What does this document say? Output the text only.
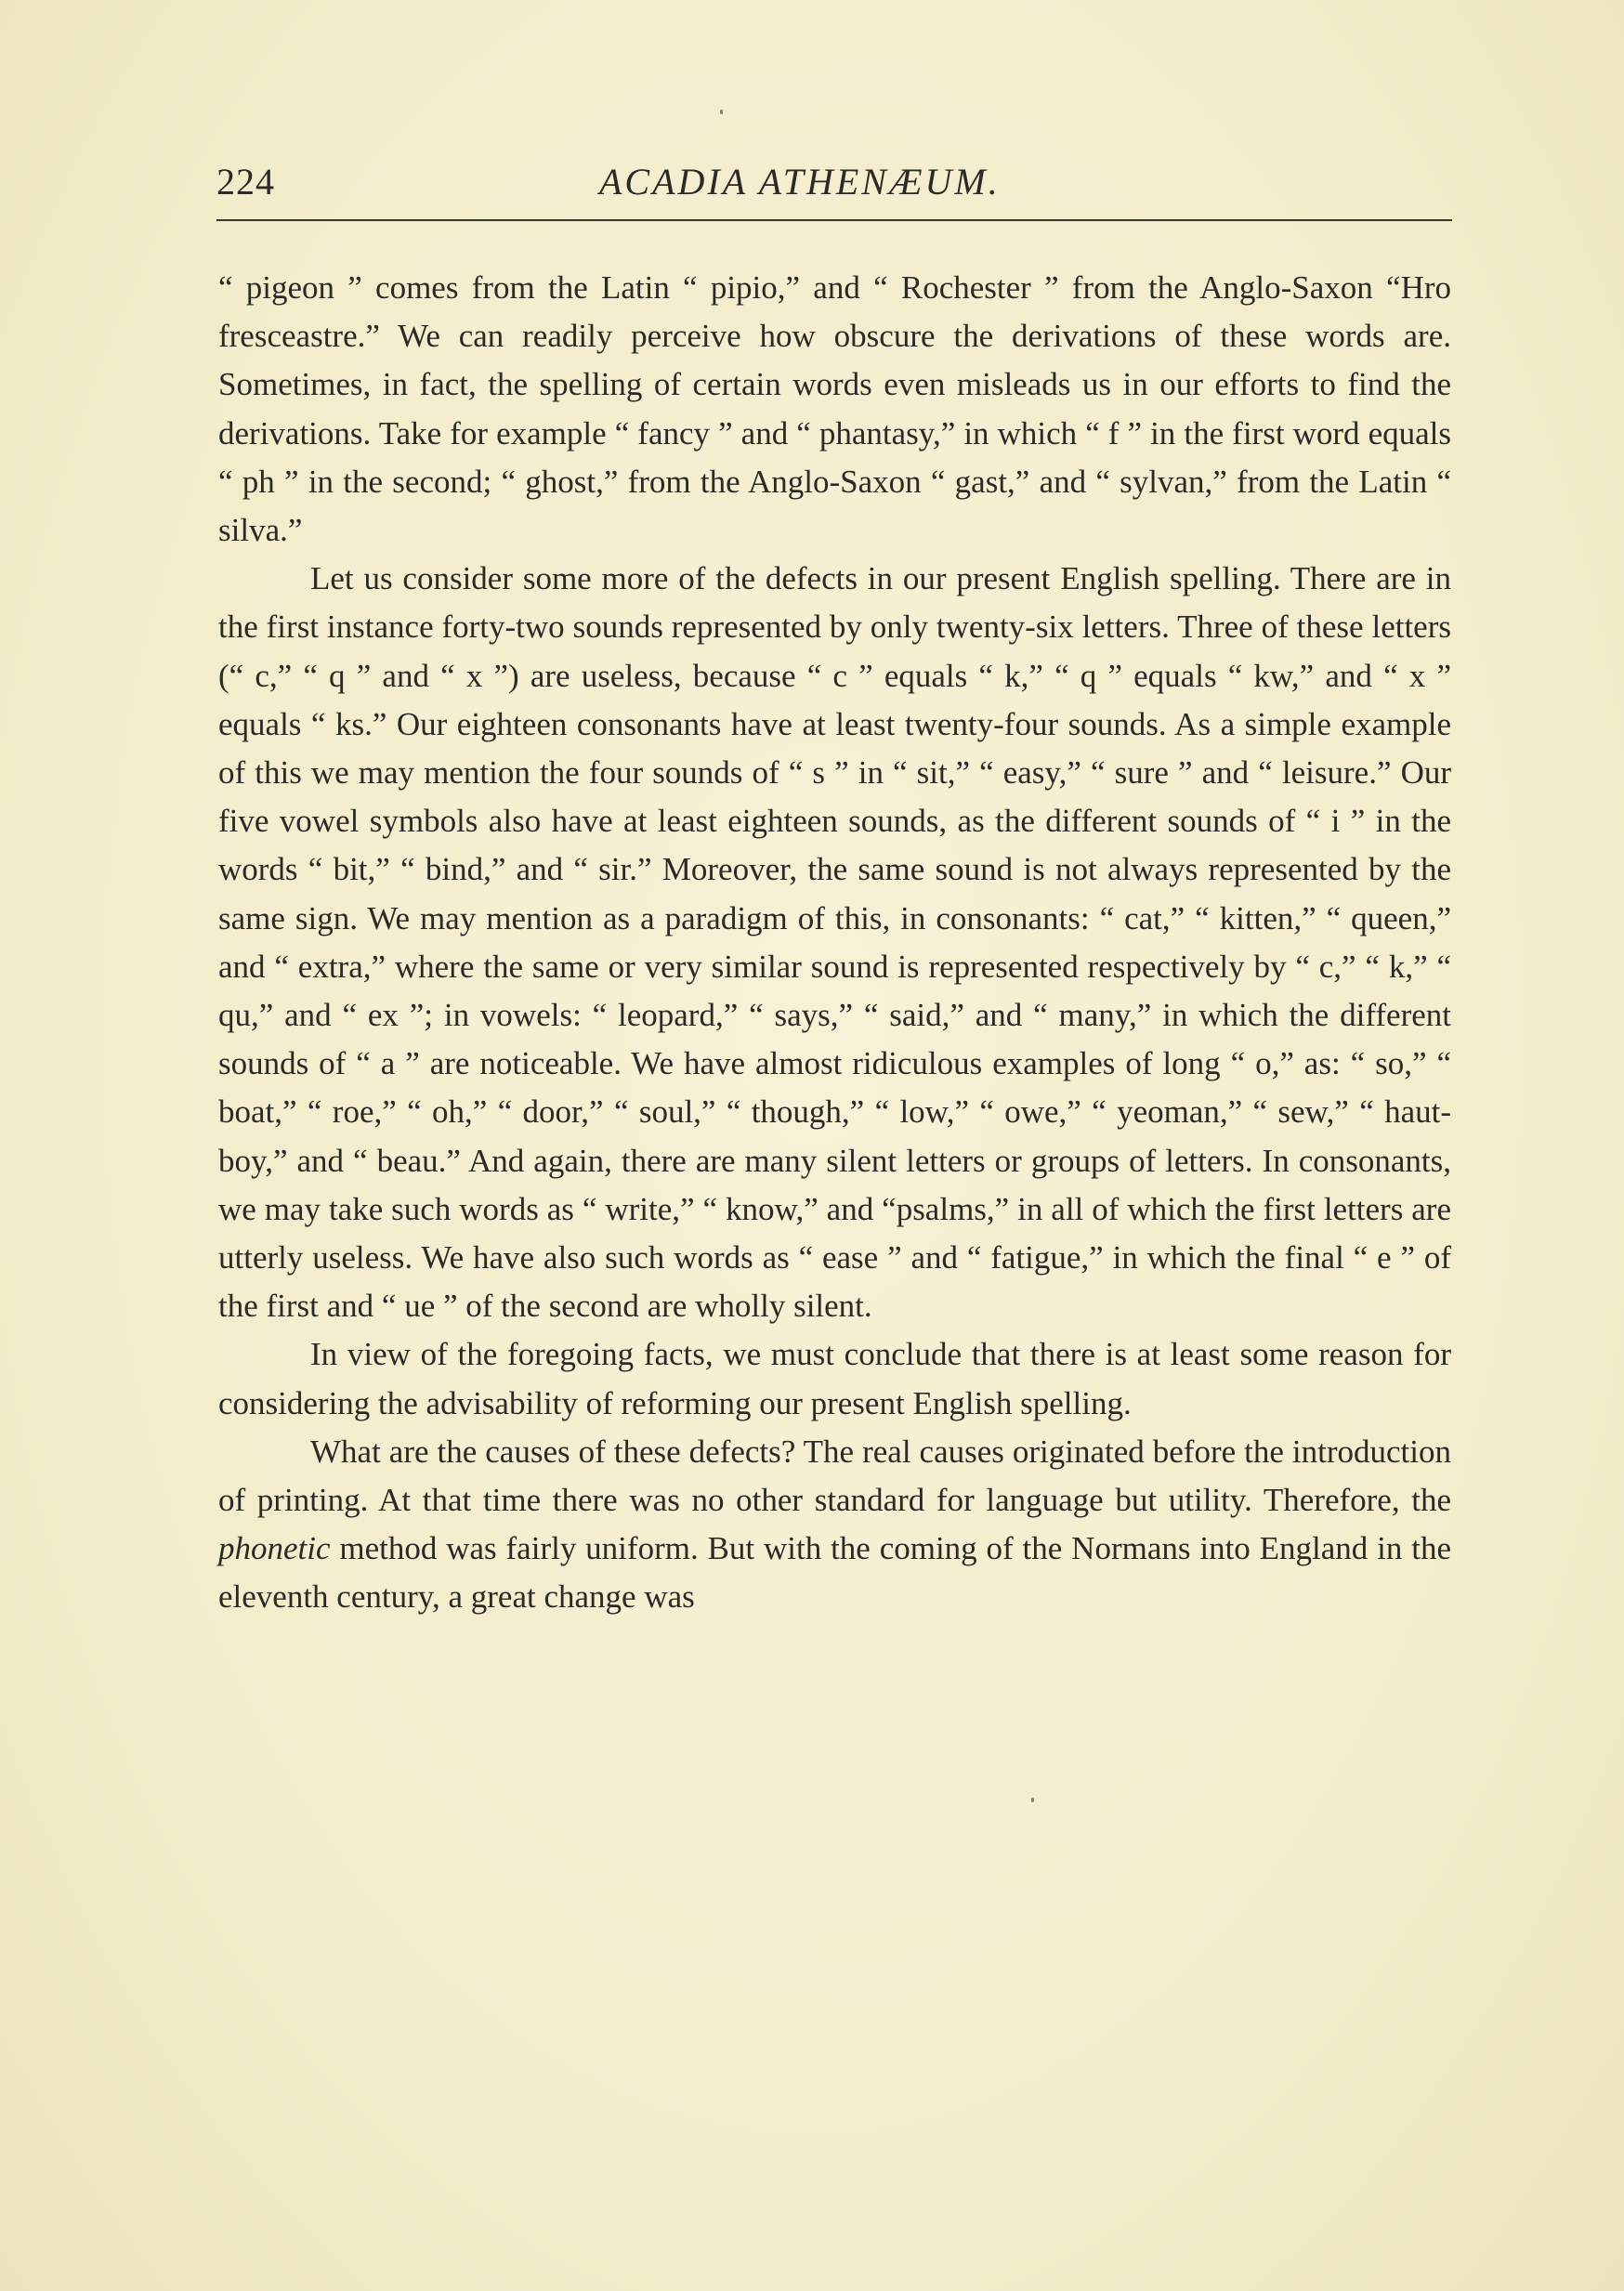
224	ACADIA ATHENÆUM.

“ pigeon ” comes from the Latin “ pipio,” and “ Rochester ” from the Anglo-Saxon “Hro fresceastre.” We can readily perceive how obscure the derivations of these words are. Sometimes, in fact, the spelling of certain words even misleads us in our efforts to find the derivations. Take for example “ fancy ” and “ phantasy,” in which “ f ” in the first word equals “ ph ” in the second; “ ghost,” from the Anglo-Saxon “ gast,” and “ sylvan,” from the Latin “ silva.”

Let us consider some more of the defects in our present English spelling. There are in the first instance forty-two sounds represented by only twenty-six letters. Three of these letters (“ c,” “ q ” and “ x ”) are useless, because “ c ” equals “ k,” “ q ” equals “ kw,” and “ x ” equals “ ks.” Our eighteen consonants have at least twenty-four sounds. As a simple example of this we may mention the four sounds of “ s ” in “ sit,” “ easy,” “ sure ” and “ leisure.” Our five vowel symbols also have at least eighteen sounds, as the different sounds of “ i ” in the words “ bit,” “ bind,” and “ sir.” Moreover, the same sound is not always represented by the same sign. We may mention as a paradigm of this, in consonants: “ cat,” “ kitten,” “ queen,” and “ extra,” where the same or very similar sound is represented respectively by “ c,” “ k,” “ qu,” and “ ex ”; in vowels: “ leopard,” “ says,” “ said,” and “ many,” in which the different sounds of “ a ” are noticeable. We have almost ridiculous examples of long “ o,” as: “ so,” “ boat,” “ roe,” “ oh,” “ door,” “ soul,” “ though,” “ low,” “ owe,” “ yeoman,” “ sew,” “ haut-boy,” and “ beau.” And again, there are many silent letters or groups of letters. In consonants, we may take such words as “ write,” “ know,” and “psalms,” in all of which the first letters are utterly useless. We have also such words as “ ease ” and “ fatigue,” in which the final “ e ” of the first and “ ue ” of the second are wholly silent.

In view of the foregoing facts, we must conclude that there is at least some reason for considering the advisability of reforming our present English spelling.

What are the causes of these defects? The real causes originated before the introduction of printing. At that time there was no other standard for language but utility. Therefore, the phonetic method was fairly uniform. But with the coming of the Normans into England in the eleventh century, a great change was
